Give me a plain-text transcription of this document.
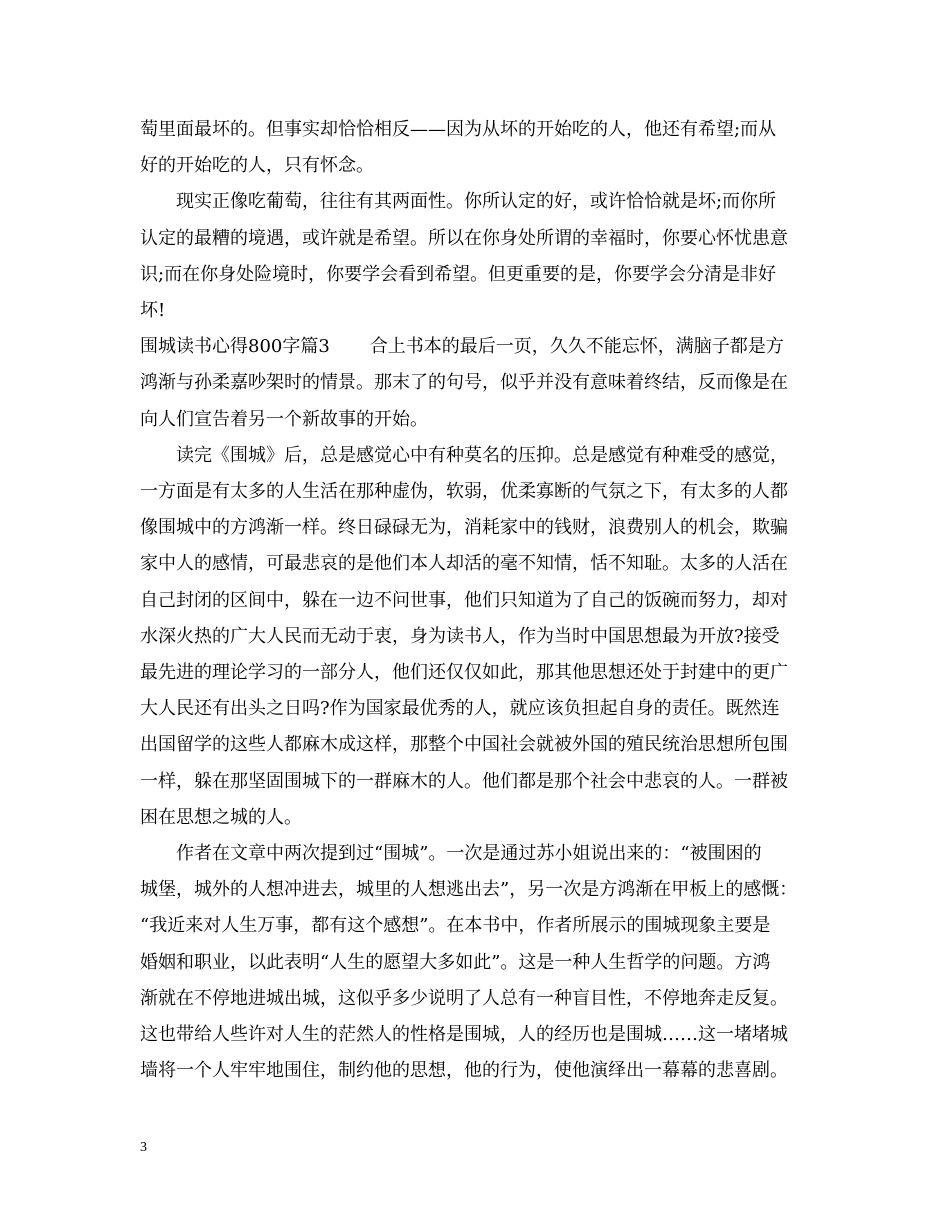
萄里面最坏的。但事实却恰恰相反——因为从坏的开始吃的人，他还有希望;而从
好的开始吃的人，只有怀念。

现实正像吃葡萄，往往有其两面性。你所认定的好，或许恰恰就是坏;而你所
认定的最糟的境遇，或许就是希望。所以在你身处所谓的幸福时，你要心怀忧患意
识;而在你身处险境时，你要学会看到希望。但更重要的是，你要学会分清是非好
坏!

围城读书心得800字篇3 合上书本的最后一页，久久不能忘怀，满脑子都是方
鸿渐与孙柔嘉吵架时的情景。那末了的句号，似乎并没有意味着终结，反而像是在
向人们宣告着另一个新故事的开始。

读完《围城》后，总是感觉心中有种莫名的压抑。总是感觉有种难受的感觉，
一方面是有太多的人生活在那种虚伪，软弱，优柔寡断的气氛之下，有太多的人都
像围城中的方鸿渐一样。终日碌碌无为，消耗家中的钱财，浪费别人的机会，欺骗
家中人的感情，可最悲哀的是他们本人却活的毫不知情，恬不知耻。太多的人活在
自己封闭的区间中，躲在一边不问世事，他们只知道为了自己的饭碗而努力，却对
水深火热的广大人民而无动于衷，身为读书人，作为当时中国思想最为开放?接受
最先进的理论学习的一部分人，他们还仅仅如此，那其他思想还处于封建中的更广
大人民还有出头之日吗?作为国家最优秀的人，就应该负担起自身的责任。既然连
出国留学的这些人都麻木成这样，那整个中国社会就被外国的殖民统治思想所包围
一样，躲在那坚固围城下的一群麻木的人。他们都是那个社会中悲哀的人。一群被
困在思想之城的人。

作者在文章中两次提到过“围城”。一次是通过苏小姐说出来的：“被围困的
城堡，城外的人想冲进去，城里的人想逃出去”，另一次是方鸿渐在甲板上的感慨：
“我近来对人生万事，都有这个感想”。在本书中，作者所展示的围城现象主要是
婚姻和职业，以此表明“人生的愿望大多如此”。这是一种人生哲学的问题。方鸿
渐就在不停地进城出城，这似乎多少说明了人总有一种盲目性，不停地奔走反复。
这也带给人些许对人生的茫然人的性格是围城，人的经历也是围城……这一堵堵城
墙将一个人牢牢地围住，制约他的思想，他的行为，使他演绎出一幕幕的悲喜剧。

3
